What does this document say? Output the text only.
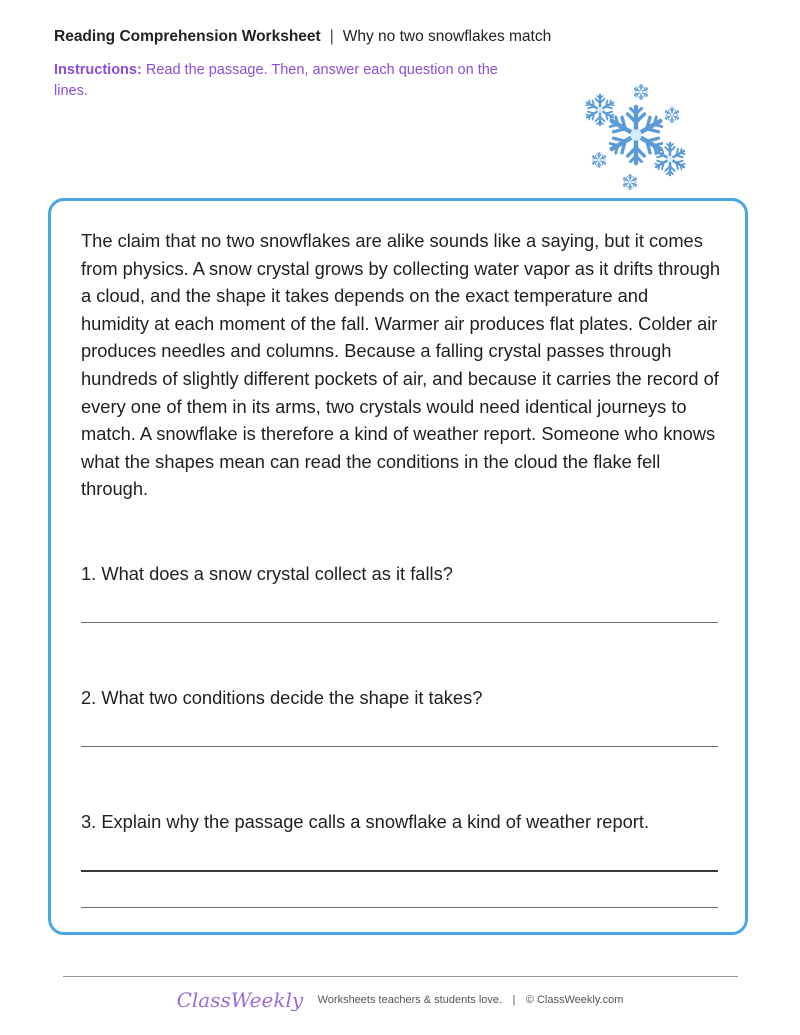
Reading Comprehension Worksheet | Why no two snowflakes match
Instructions: Read the passage. Then, answer each question on the lines.

The claim that no two snowflakes are alike sounds like a saying, but it comes from physics. A snow crystal grows by collecting water vapor as it drifts through a cloud, and the shape it takes depends on the exact temperature and humidity at each moment of the fall. Warmer air produces flat plates. Colder air produces needles and columns. Because a falling crystal passes through hundreds of slightly different pockets of air, and because it carries the record of every one of them in its arms, two crystals would need identical journeys to match. A snowflake is therefore a kind of weather report. Someone who knows what the shapes mean can read the conditions in the cloud the flake fell through.

1. What does a snow crystal collect as it falls?
2. What two conditions decide the shape it takes?
3. Explain why the passage calls a snowflake a kind of weather report.
ClassWeekly Worksheets teachers & students love. | © ClassWeekly.com
